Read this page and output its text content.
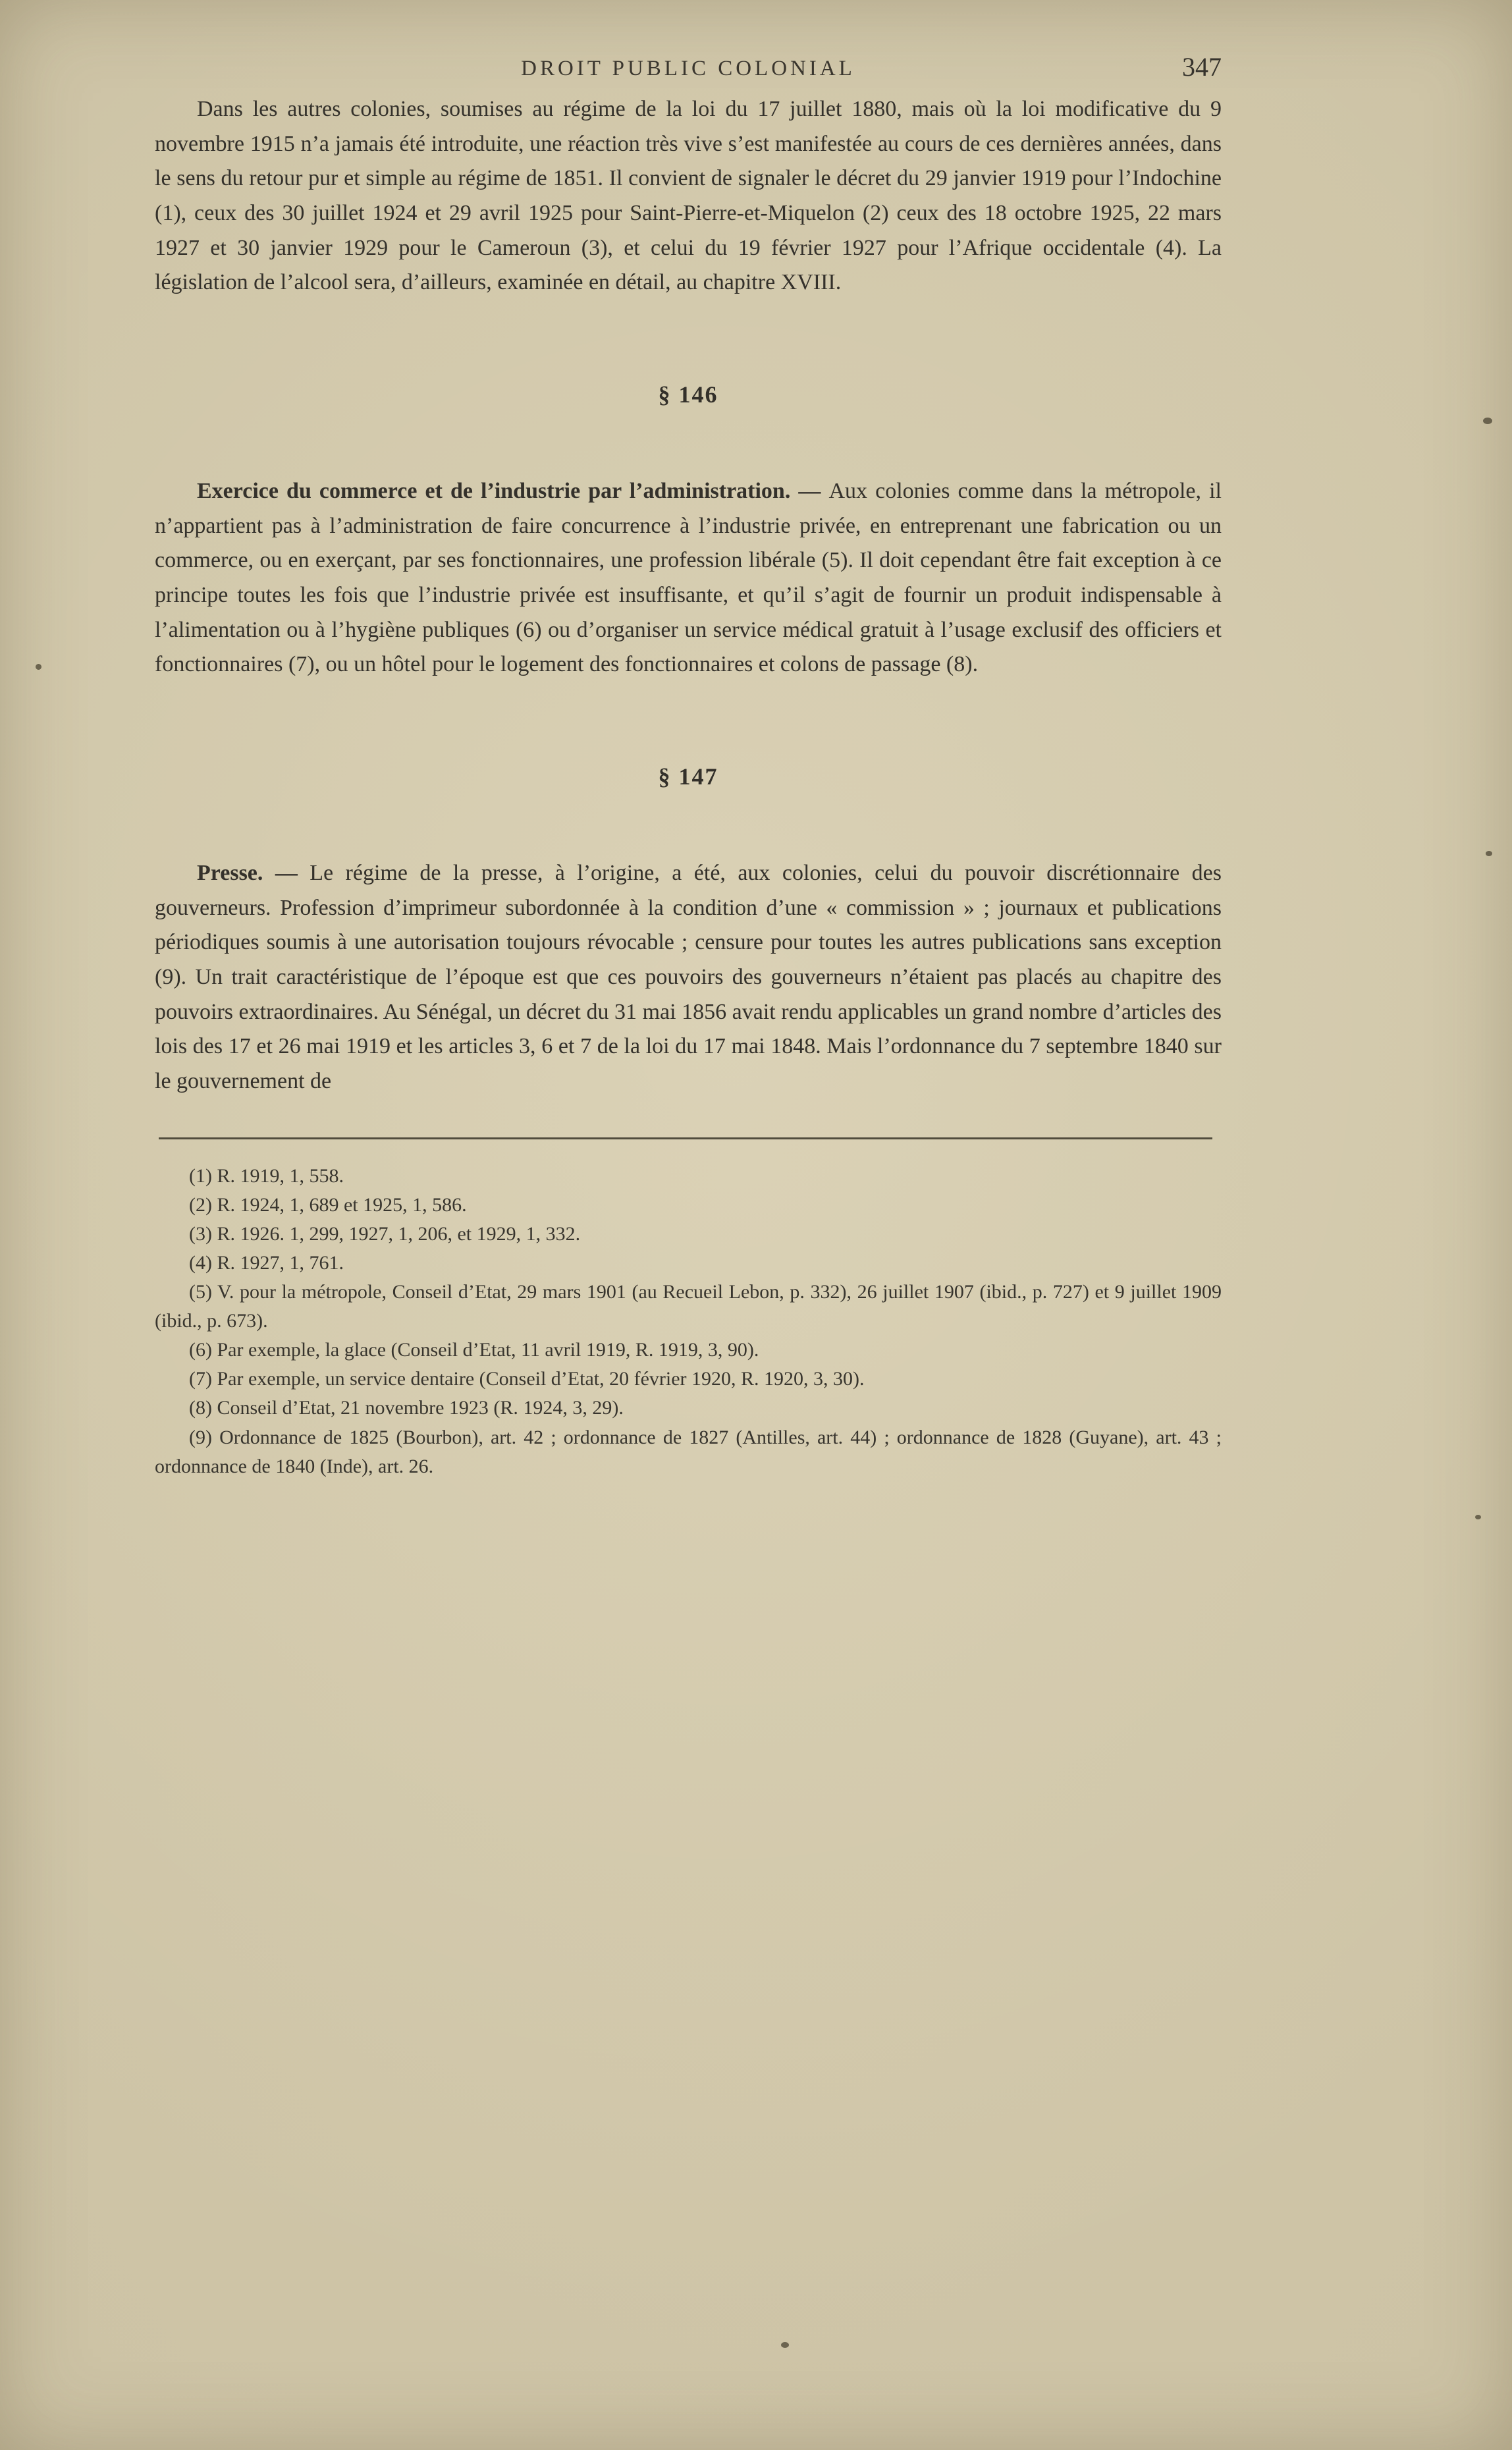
DROIT PUBLIC COLONIAL	347

Dans les autres colonies, soumises au régime de la loi du 17 juillet 1880, mais où la loi modificative du 9 novembre 1915 n’a jamais été introduite, une réaction très vive s’est manifestée au cours de ces dernières années, dans le sens du retour pur et simple au régime de 1851. Il convient de signaler le décret du 29 janvier 1919 pour l’Indochine (1), ceux des 30 juillet 1924 et 29 avril 1925 pour Saint-Pierre-et-Miquelon (2) ceux des 18 octobre 1925, 22 mars 1927 et 30 janvier 1929 pour le Cameroun (3), et celui du 19 février 1927 pour l’Afrique occidentale (4). La législation de l’alcool sera, d’ailleurs, examinée en détail, au chapitre XVIII.

§ 146

Exercice du commerce et de l’industrie par l’administration. — Aux colonies comme dans la métropole, il n’appartient pas à l’administration de faire concurrence à l’industrie privée, en entreprenant une fabrication ou un commerce, ou en exerçant, par ses fonctionnaires, une profession libérale (5). Il doit cependant être fait exception à ce principe toutes les fois que l’industrie privée est insuffisante, et qu’il s’agit de fournir un produit indispensable à l’alimentation ou à l’hygiène publiques (6) ou d’organiser un service médical gratuit à l’usage exclusif des officiers et fonctionnaires (7), ou un hôtel pour le logement des fonctionnaires et colons de passage (8).

§ 147

Presse. — Le régime de la presse, à l’origine, a été, aux colonies, celui du pouvoir discrétionnaire des gouverneurs. Profession d’imprimeur subordonnée à la condition d’une « commission » ; journaux et publications périodiques soumis à une autorisation toujours révocable ; censure pour toutes les autres publications sans exception (9). Un trait caractéristique de l’époque est que ces pouvoirs des gouverneurs n’étaient pas placés au chapitre des pouvoirs extraordinaires. Au Sénégal, un décret du 31 mai 1856 avait rendu applicables un grand nombre d’articles des lois des 17 et 26 mai 1919 et les articles 3, 6 et 7 de la loi du 17 mai 1848. Mais l’ordonnance du 7 septembre 1840 sur le gouvernement de

(1) R. 1919, 1, 558.

(2) R. 1924, 1, 689 et 1925, 1, 586.

(3) R. 1926. 1, 299, 1927, 1, 206, et 1929, 1, 332.

(4) R. 1927, 1, 761.

(5) V. pour la métropole, Conseil d’Etat, 29 mars 1901 (au Recueil Lebon, p. 332), 26 juillet 1907 (ibid., p. 727) et 9 juillet 1909 (ibid., p. 673).

(6) Par exemple, la glace (Conseil d’Etat, 11 avril 1919, R. 1919, 3, 90).

(7) Par exemple, un service dentaire (Conseil d’Etat, 20 février 1920, R. 1920, 3, 30).

(8) Conseil d’Etat, 21 novembre 1923 (R. 1924, 3, 29).

(9) Ordonnance de 1825 (Bourbon), art. 42 ; ordonnance de 1827 (Antilles, art. 44) ; ordonnance de 1828 (Guyane), art. 43 ; ordonnance de 1840 (Inde), art. 26.
